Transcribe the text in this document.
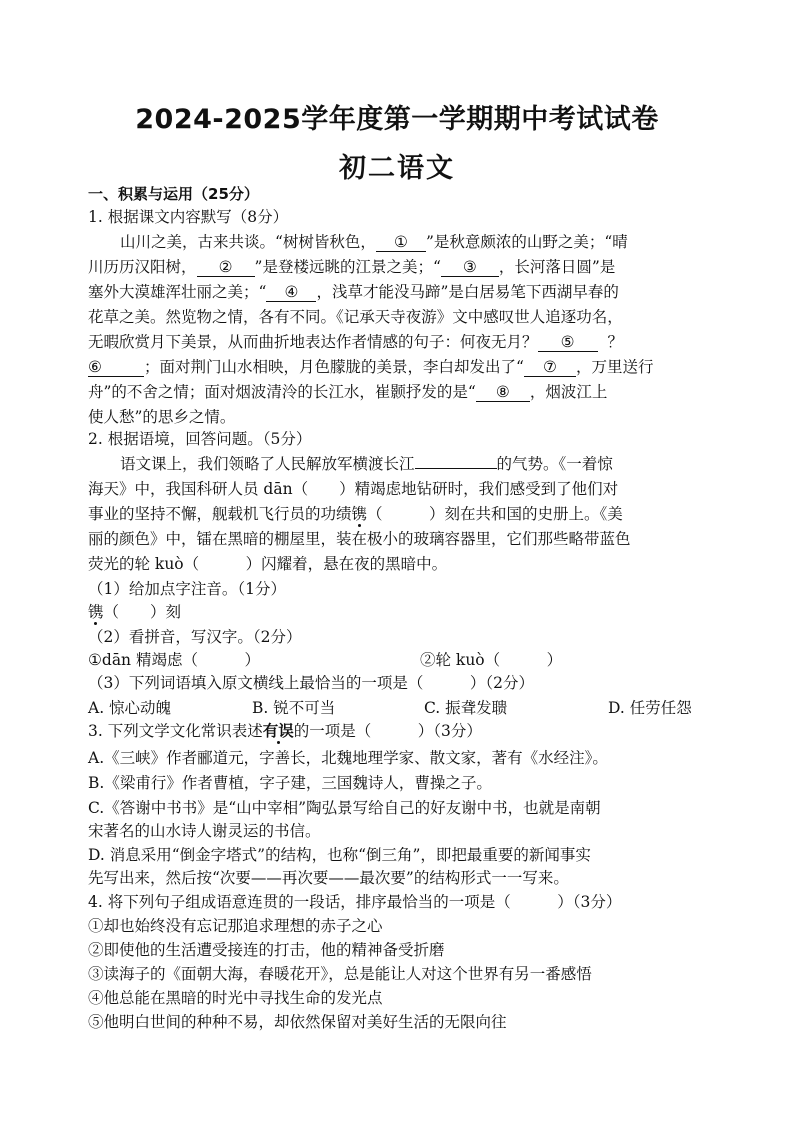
2024-2025学年度第一学期期中考试试卷
初二语文
一、积累与运用（25分）
1. 根据课文内容默写（8分）
山川之美，古来共谈。“树树皆秋色， ① ”是秋意颇浓的山野之美；“晴
川历历汉阳树， ② ”是登楼远眺的江景之美；“ ③ ，长河落日圆”是
塞外大漠雄浑壮丽之美；“ ④ ，浅草才能没马蹄”是白居易笔下西湖早春的
花草之美。然览物之情，各有不同。《记承天寺夜游》文中感叹世人追逐功名，
无暇欣赏月下美景，从而曲折地表达作者情感的句子：何夜无月？ ⑤ ？
⑥	；面对荆门山水相映，月色朦胧的美景，李白却发出了“ ⑦ ，万里送行
舟”的不舍之情；面对烟波清泠的长江水，崔颢抒发的是“ ⑧ ，烟波江上
使人愁”的思乡之情。
2. 根据语境，回答问题。（5分）
语文课上，我们领略了人民解放军横渡长江	的气势。《一着惊
海天》中，我国科研人员 dān（　　）精竭虑地钻研时，我们感受到了他们对
事业的坚持不懈，舰载机飞行员的功绩镌（　　　）刻在共和国的史册上。《美
丽的颜色》中，镭在黑暗的棚屋里，装在极小的玻璃容器里，它们那些略带蓝色
荧光的轮 kuò（　　　）闪耀着，悬在夜的黑暗中。
（1）给加点字注音。（1分）
镌（　　）刻
（2）看拼音，写汉字。（2分）
①dān 精竭虑（　　　）	②轮 kuò（　　　）
（3）下列词语填入原文横线上最恰当的一项是（　　　）（2分）
A. 惊心动魄	B. 锐不可当	C. 振聋发聩	D. 任劳任怨
3. 下列文学文化常识表述有误的一项是（　　　）（3分）
A.《三峡》作者郦道元，字善长，北魏地理学家、散文家，著有《水经注》。
B.《梁甫行》作者曹植，字子建，三国魏诗人，曹操之子。
C.《答谢中书书》是“山中宰相”陶弘景写给自己的好友谢中书，也就是南朝
宋著名的山水诗人谢灵运的书信。
D. 消息采用“倒金字塔式”的结构，也称“倒三角”，即把最重要的新闻事实
先写出来，然后按“次要——再次要——最次要”的结构形式一一写来。
4. 将下列句子组成语意连贯的一段话，排序最恰当的一项是（　　　）（3分）
①却也始终没有忘记那追求理想的赤子之心
②即使他的生活遭受接连的打击，他的精神备受折磨
③读海子的《面朝大海，春暖花开》，总是能让人对这个世界有另一番感悟
④他总能在黑暗的时光中寻找生命的发光点
⑤他明白世间的种种不易，却依然保留对美好生活的无限向往
